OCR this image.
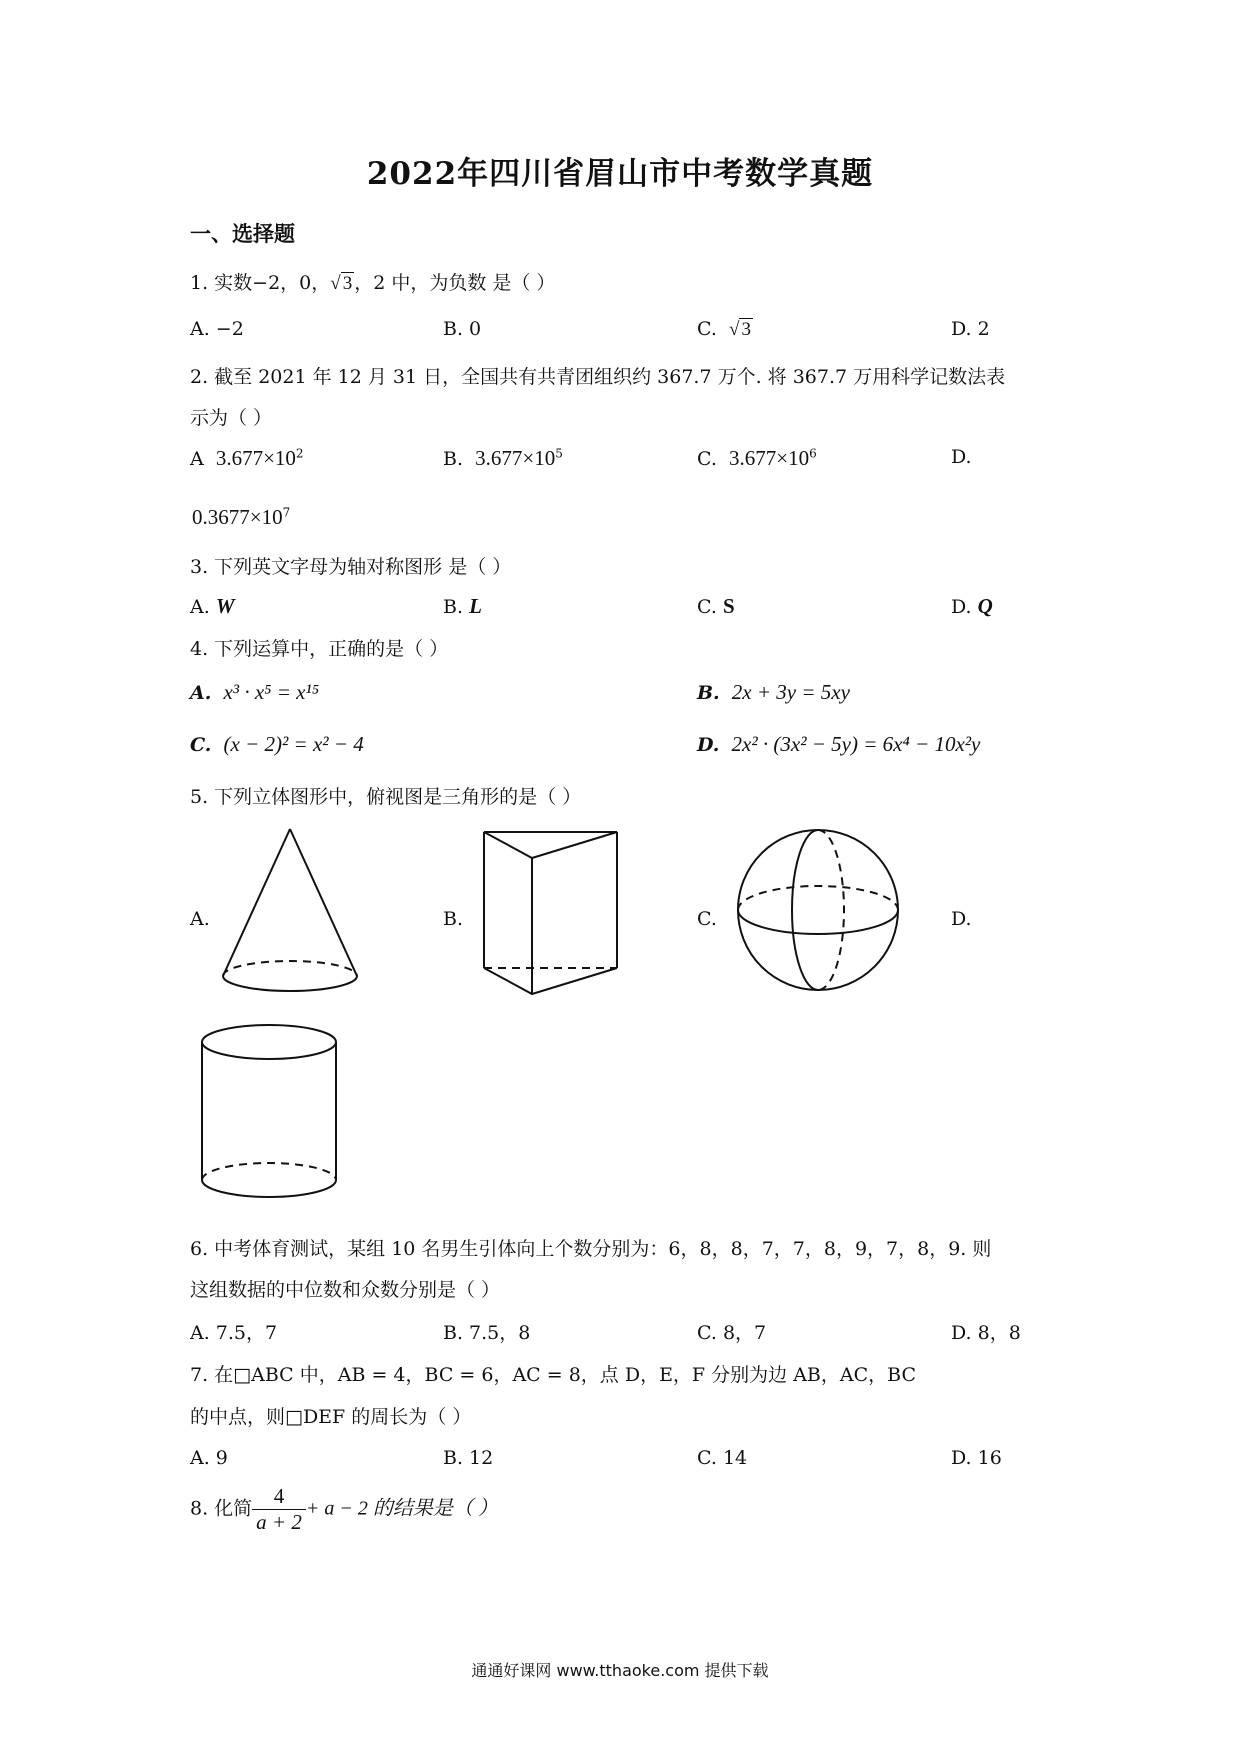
2022年四川省眉山市中考数学真题
一、选择题
1. 实数−2，0，√ 3 ，2 中，为负数 是（ ）
A. −2	B. 0	C. √ 3	D. 2
2. 截至 2021 年 12 月 31 日，全国共有共青团组织约 367.7 万个. 将 367.7 万用科学记数法表
示为（ ）
A $3.677\times 10^2$	B. $3.677\times 10^5$	C. $3.677\times 10^6$	D.
$0.3677\times 10^7$
3. 下列英文字母为轴对称图形 是（ ）
A. W	B. L	C. S	D. Q
4. 下列运算中，正确的是（ ）
A. x³ · x⁵ = x¹⁵	B. 2x + 3y = 5xy
C. (x − 2)² = x² − 4	D. 2x² · (3x² − 5y) = 6x⁴ − 10x²y
5. 下列立体图形中，俯视图是三角形的是（ ）
A.	B.	C.	D.
6. 中考体育测试，某组 10 名男生引体向上个数分别为：6，8，8，7，7，8，9，7，8，9. 则
这组数据的中位数和众数分别是（ ）
A. 7.5，7	B. 7.5，8	C. 8，7	D. 8，8
7. 在□ABC 中，AB = 4，BC = 6，AC = 8，点 D，E，F 分别为边 AB，AC，BC
的中点，则□DEF 的周长为（ ）
A. 9	B. 12	C. 14	D. 16
8. 化简 $\frac{4}{a + 2} + a - 2$ 的结果是（ ）
通通好课网 www.tthaoke.com 提供下载
